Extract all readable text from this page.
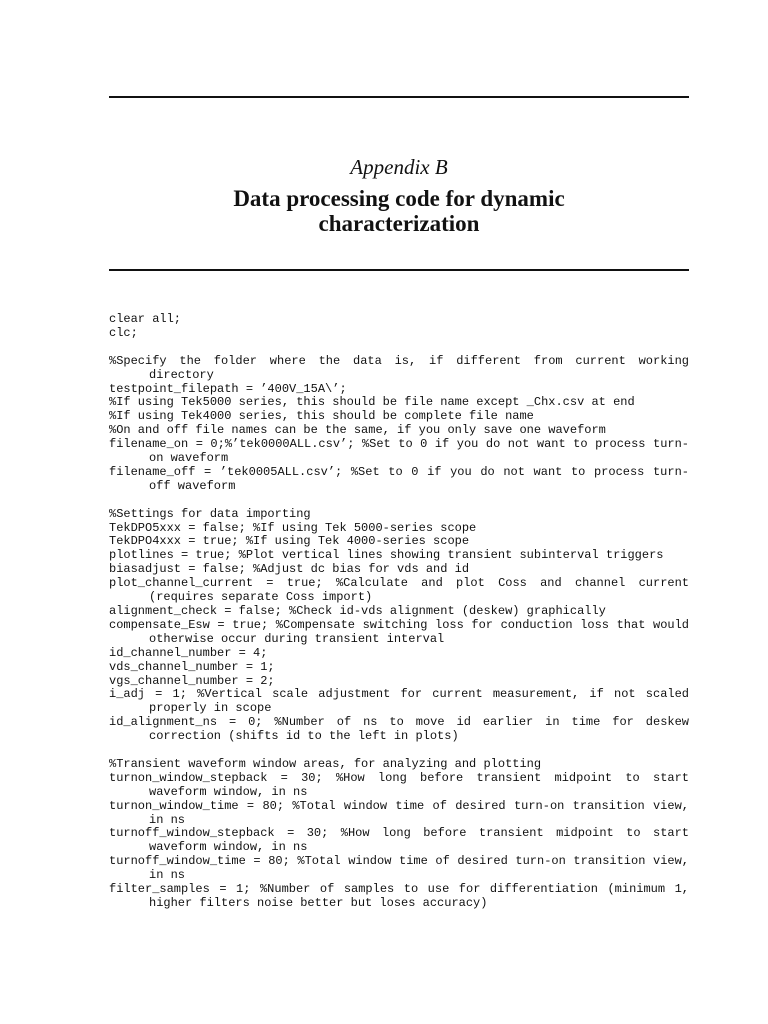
Appendix B
Data processing code for dynamic characterization
clear all;
clc;
%Specify the folder where the data is, if different from current working directory
testpoint_filepath = ’400V_15A\’;
%If using Tek5000 series, this should be file name except _Chx.csv at end
%If using Tek4000 series, this should be complete file name
%On and off file names can be the same, if you only save one waveform
filename_on = 0;%’tek0000ALL.csv’; %Set to 0 if you do not want to process turn-on waveform
filename_off = ’tek0005ALL.csv’; %Set to 0 if you do not want to process turn-off waveform
%Settings for data importing
TekDPO5xxx = false; %If using Tek 5000-series scope
TekDPO4xxx = true; %If using Tek 4000-series scope
plotlines = true; %Plot vertical lines showing transient subinterval triggers
biasadjust = false; %Adjust dc bias for vds and id
plot_channel_current = true; %Calculate and plot Coss and channel current (requires separate Coss import)
alignment_check = false; %Check id-vds alignment (deskew) graphically
compensate_Esw = true; %Compensate switching loss for conduction loss that would otherwise occur during transient interval
id_channel_number = 4;
vds_channel_number = 1;
vgs_channel_number = 2;
i_adj = 1; %Vertical scale adjustment for current measurement, if not scaled properly in scope
id_alignment_ns = 0; %Number of ns to move id earlier in time for deskew correction (shifts id to the left in plots)
%Transient waveform window areas, for analyzing and plotting
turnon_window_stepback = 30; %How long before transient midpoint to start waveform window, in ns
turnon_window_time = 80; %Total window time of desired turn-on transition view, in ns
turnoff_window_stepback = 30; %How long before transient midpoint to start waveform window, in ns
turnoff_window_time = 80; %Total window time of desired turn-on transition view, in ns
filter_samples = 1; %Number of samples to use for differentiation (minimum 1, higher filters noise better but loses accuracy)
